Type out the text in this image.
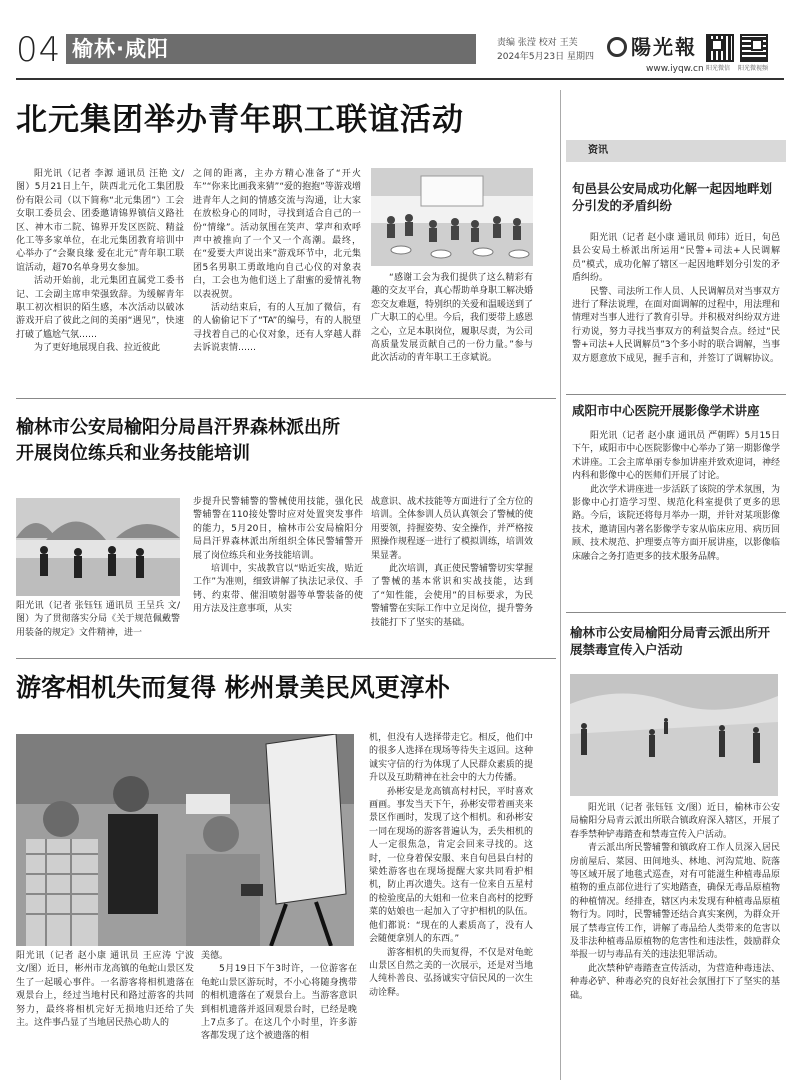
04 榆林·咸阳	责编 张滢 校对 王芙
2024年5月23日 星期四 陽光報
www.iyqw.cn 阳光微信 阳光微视频
北元集团举办青年职工联谊活动

阳光讯（记者 李源 通讯员 汪艳 文/图）5月21日上午，陕西北元化工集团股份有限公司（以下简称“北元集团”）工会女职工委员会、团委邀请锦界镇信义路社区、神木市二院、锦界开发区医院、精益化工等多家单位，在北元集团教育培训中心举办了“会聚良缘 爱在北元”青年职工联谊活动，超70名单身男女参加。

活动开始前，北元集团直属党工委书记、工会副主席申荣强致辞。为缓解青年职工初次相识的陌生感，本次活动以破冰游戏开启了彼此之间的美丽“遇见”，快速打破了尴尬气氛……

为了更好地展现自我、拉近彼此

之间的距离，主办方精心准备了“开火车”“你来比画我来猜”“爱的抱抱”等游戏增进青年人之间的情感交流与沟通，让大家在放松身心的同时，寻找到适合自己的一份“情缘”。活动氛围在笑声、掌声和欢呼声中被推向了一个又一个高潮。最终，在“爱要大声说出来”游戏环节中，北元集团5名男职工勇敢地向自己心仪的对象表白，工会也为他们送上了甜蜜的爱情礼物以表祝贺。

活动结束后，有的人互加了微信，有的人偷偷记下了“TA”的编号，有的人脱望寻找着自己的心仪对象，还有人穿越人群去诉说衷情……

“感谢工会为我们提供了这么精彩有趣的交友平台，真心帮助单身职工解决婚恋交友难题，特别织的关爱和温暖送到了广大职工的心里。今后，我们要带上感恩之心，立足本职岗位，履职尽责，为公司高质量发展贡献自己的一份力量。”参与此次活动的青年职工王彦斌说。

榆林市公安局榆阳分局昌汗界森林派出所
开展岗位练兵和业务技能培训
阳光讯（记者 张钰钰 通讯员 王呈兵 文/图）为了贯彻落实分局《关于规范佩戴警用装备的规定》文件精神，进一

步提升民警辅警的警械使用技能，强化民警辅警在110接处警时应对处置突发事件的能力，5月20日，榆林市公安局榆阳分局昌汗界森林派出所组织全体民警辅警开展了岗位练兵和业务技能培训。

培训中，实战教官以“贴近实战，贴近工作”为准则，细致讲解了执法记录仪、手铐、约束带、催泪喷射器等单警装备的使用方法及注意事项，从实

战意识、战术技能等方面进行了全方位的培训。全体参训人员认真领会了警械的使用要领，持握姿势、安全操作，并严格按照操作规程逐一进行了模拟训练，培训效果显著。

此次培训，真正使民警辅警切实掌握了警械的基本常识和实战技能，达到了“知性能，会使用”的目标要求，为民警辅警在实际工作中立足岗位，提升警务技能打下了坚实的基础。

游客相机失而复得 彬州景美民风更淳朴
阳光讯（记者 赵小康 通讯员 王应涛 宁波 文/图）近日，彬州市龙高镇的龟蛇山景区发生了一起暖心事件。一名游客将相机遗落在观景台上，经过当地村民和路过游客的共同努力，最终将相机完好无损地归还给了失主。这件事凸显了当地居民热心助人的

美德。

5月19日下午3时许，一位游客在龟蛇山景区游玩时，不小心将随身携带的相机遗落在了观景台上。当游客意识到相机遗落并返回观景台时，已经是晚上7点多了。在这几个小时里，许多游客都发现了这个被遗落的相

机，但没有人选择带走它。相反，他们中的很多人选择在现场等待失主返回。这种诚实守信的行为体现了人民群众素质的提升以及互助精神在社会中的大力传播。

孙彬安是龙高镇高村村民，平时喜欢画画。事发当天下午，孙彬安带着画夹来景区作画时，发现了这个相机。和孙彬安一同在现场的游客普遍认为，丢失相机的人一定很焦急，肯定会回来寻找的。这时，一位身着保安服、来自旬邑县白村的梁姓游客也在现场提醒大家共同看护相机，防止再次遗失。这有一位来自五星村的检验度品的大姐和一位来自高村的挖野菜的姑娘也一起加入了守护相机的队伍。他们都说：“现在的人素质高了，没有人会随便拿别人的东西。”

游客相机的失而复得，不仅是对龟蛇山景区自然之美的一次展示，还是对当地人纯朴善良、弘扬诚实守信民风的一次生动诠释。

资讯
旬邑县公安局成功化解一起因地畔划分引发的矛盾纠纷

阳光讯（记者 赵小康 通讯员 师玮）近日，旬邑县公安局土桥派出所运用“民警+司法+人民调解员”模式，成功化解了辖区一起因地畔划分引发的矛盾纠纷。

民警、司法所工作人员、人民调解员对当事双方进行了释法说理，在面对面调解的过程中，用法理和情理对当事人进行了教育引导。并积极对纠纷双方进行劝说，努力寻找当事双方的利益契合点。经过“民警+司法+人民调解员”3个多小时的联合调解，当事双方愿意放下成见，握手言和，并签订了调解协议。

咸阳市中心医院开展影像学术讲座

阳光讯（记者 赵小康 通讯员 严朝晖）5月15日下午，咸阳市中心医院影像中心举办了第一期影像学术讲座。工会主席单丽专参加讲座并致欢迎词，神经内科和影像中心的医师们开展了讨论。

此次学术讲座进一步活跃了该院的学术氛围，为影像中心打造学习型、规范化科室提供了更多的思路。今后，该院还将每月举办一期，并针对某项影像技术，邀请国内著名影像学专家从临床应用、病历回顾、技术规范、护理要点等方面开展讲座，以影像临床融合之务打造更多的技术服务品牌。

榆林市公安局榆阳分局青云派出所开展禁毒宣传入户活动

阳光讯（记者 张钰钰 文/图）近日，榆林市公安局榆阳分局青云派出所联合镇政府深入辖区，开展了春季禁种铲毒踏查和禁毒宣传入户活动。

青云派出所民警辅警和镇政府工作人员深入居民房前屋后、菜园、田间地头、林地、河沟荒地、院落等区域开展了地毯式巡查，对有可能滋生种植毒品原植物的重点部位进行了实地踏查，确保无毒品原植物的种植情况。经排查，辖区内未发现有种植毒品原植物行为。同时，民警辅警还结合真实案例，为群众开展了禁毒宣传工作，讲解了毒品给人类带来的危害以及非法种植毒品原植物的危害性和违法性，鼓励群众举报一切与毒品有关的违法犯罪活动。

此次禁种铲毒踏查宣传活动，为营造种毒违法、种毒必铲、种毒必究的良好社会氛围打下了坚实的基础。
